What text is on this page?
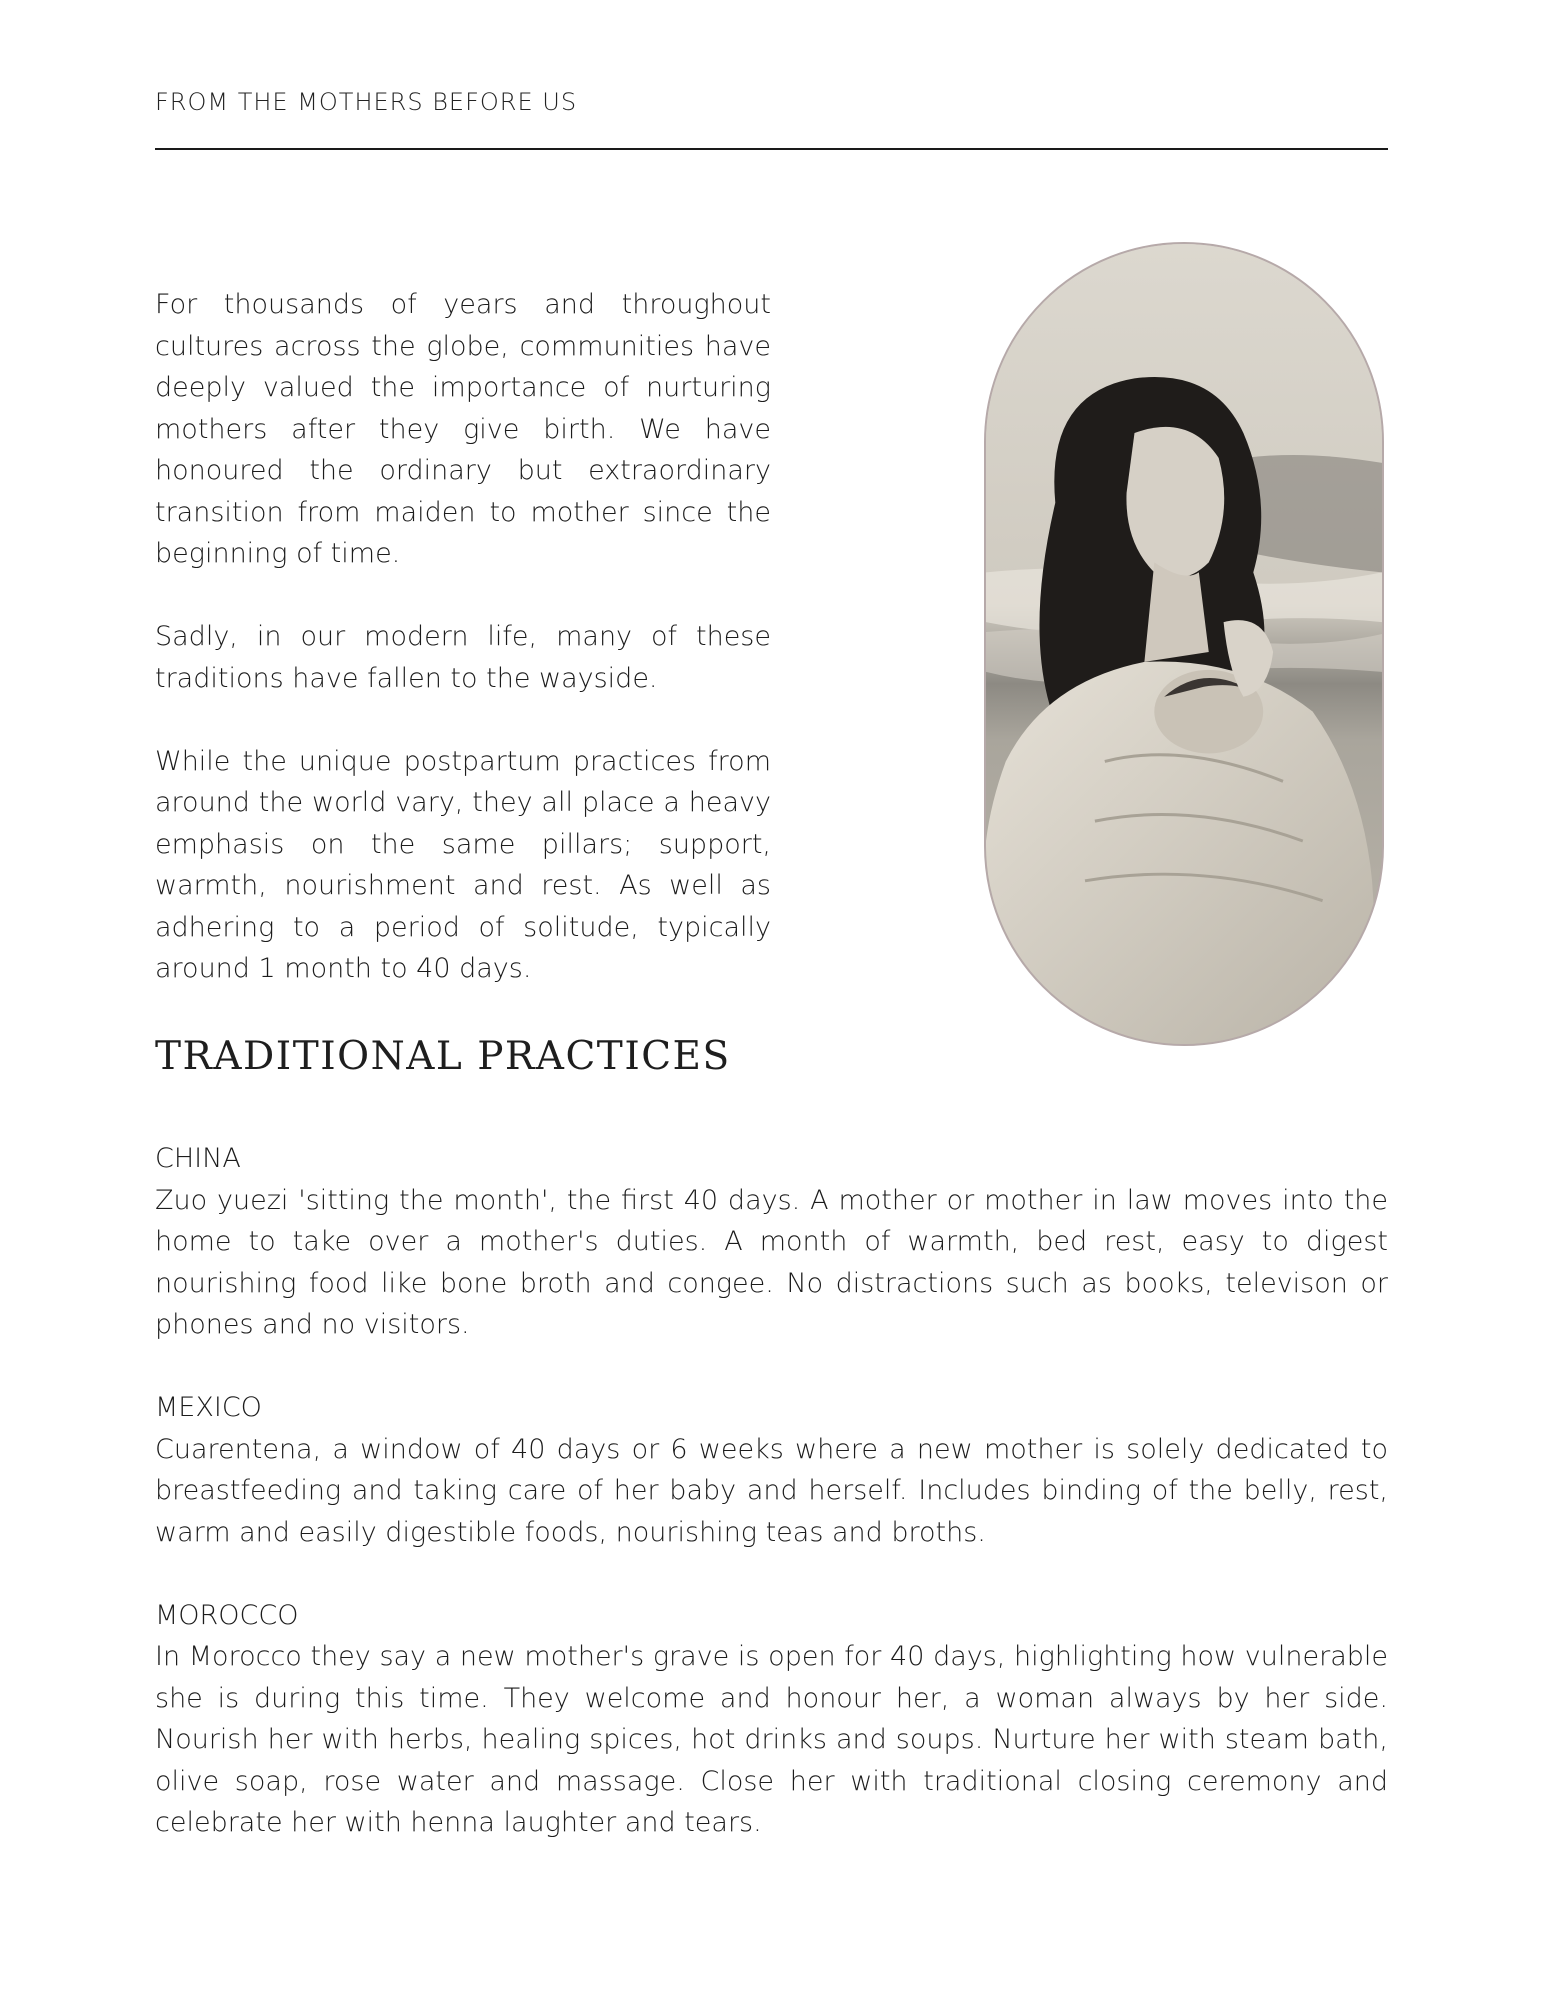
FROM THE MOTHERS BEFORE US

For thousands of years and throughout cultures across the globe, communities have deeply valued the importance of nurturing mothers after they give birth. We have honoured the ordinary but extraordinary transition from maiden to mother since the beginning of time.

Sadly, in our modern life, many of these traditions have fallen to the wayside.

While the unique postpartum practices from around the world vary, they all place a heavy emphasis on the same pillars; support, warmth, nourishment and rest. As well as adhering to a period of solitude, typically around 1 month to 40 days.

TRADITIONAL PRACTICES
CHINA
Zuo yuezi 'sitting the month', the first 40 days. A mother or mother in law moves into the home to take over a mother's duties. A month of warmth, bed rest, easy to digest nourishing food like bone broth and congee. No distractions such as books, televison or phones and no visitors.
MEXICO
Cuarentena, a window of 40 days or 6 weeks where a new mother is solely dedicated to breastfeeding and taking care of her baby and herself. Includes binding of the belly, rest, warm and easily digestible foods, nourishing teas and broths.
MOROCCO
In Morocco they say a new mother's grave is open for 40 days, highlighting how vulnerable she is during this time. They welcome and honour her, a woman always by her side. Nourish her with herbs, healing spices, hot drinks and soups. Nurture her with steam bath, olive soap, rose water and massage. Close her with traditional closing ceremony and celebrate her with henna laughter and tears.
